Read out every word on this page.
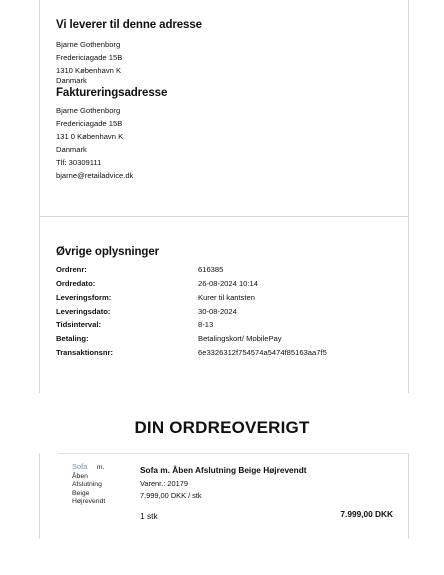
Vi leverer til denne adresse
Bjarne Gothenborg
Fredericiagade 15B
1310 København K
Danmark
Faktureringsadresse
Bjarne Gothenborg
Fredericiagade 15B
131 0 København K
Danmark
Tlf: 30309111
bjarne@retailadvice.dk
Øvrige oplysninger
Ordrenr:	616385
Ordredato:	26-08-2024 10:14
Leveringsform:	Kurer til kantsten
Leveringsdato:	30-08-2024
Tidsinterval:	8-13
Betaling:	Betalingskort/ MobilePay
Transaktionsnr:	6e3326312f754574a5474f85163aa7f5
DIN ORDREOVERIGT
Sofa m.
Åben
Afslutning
Beige
Højrevendt
Sofa m. Åben Afslutning Beige Højrevendt
Varenr.: 20179
7.999,00 DKK / stk
1 stk	7.999,00 DKK
